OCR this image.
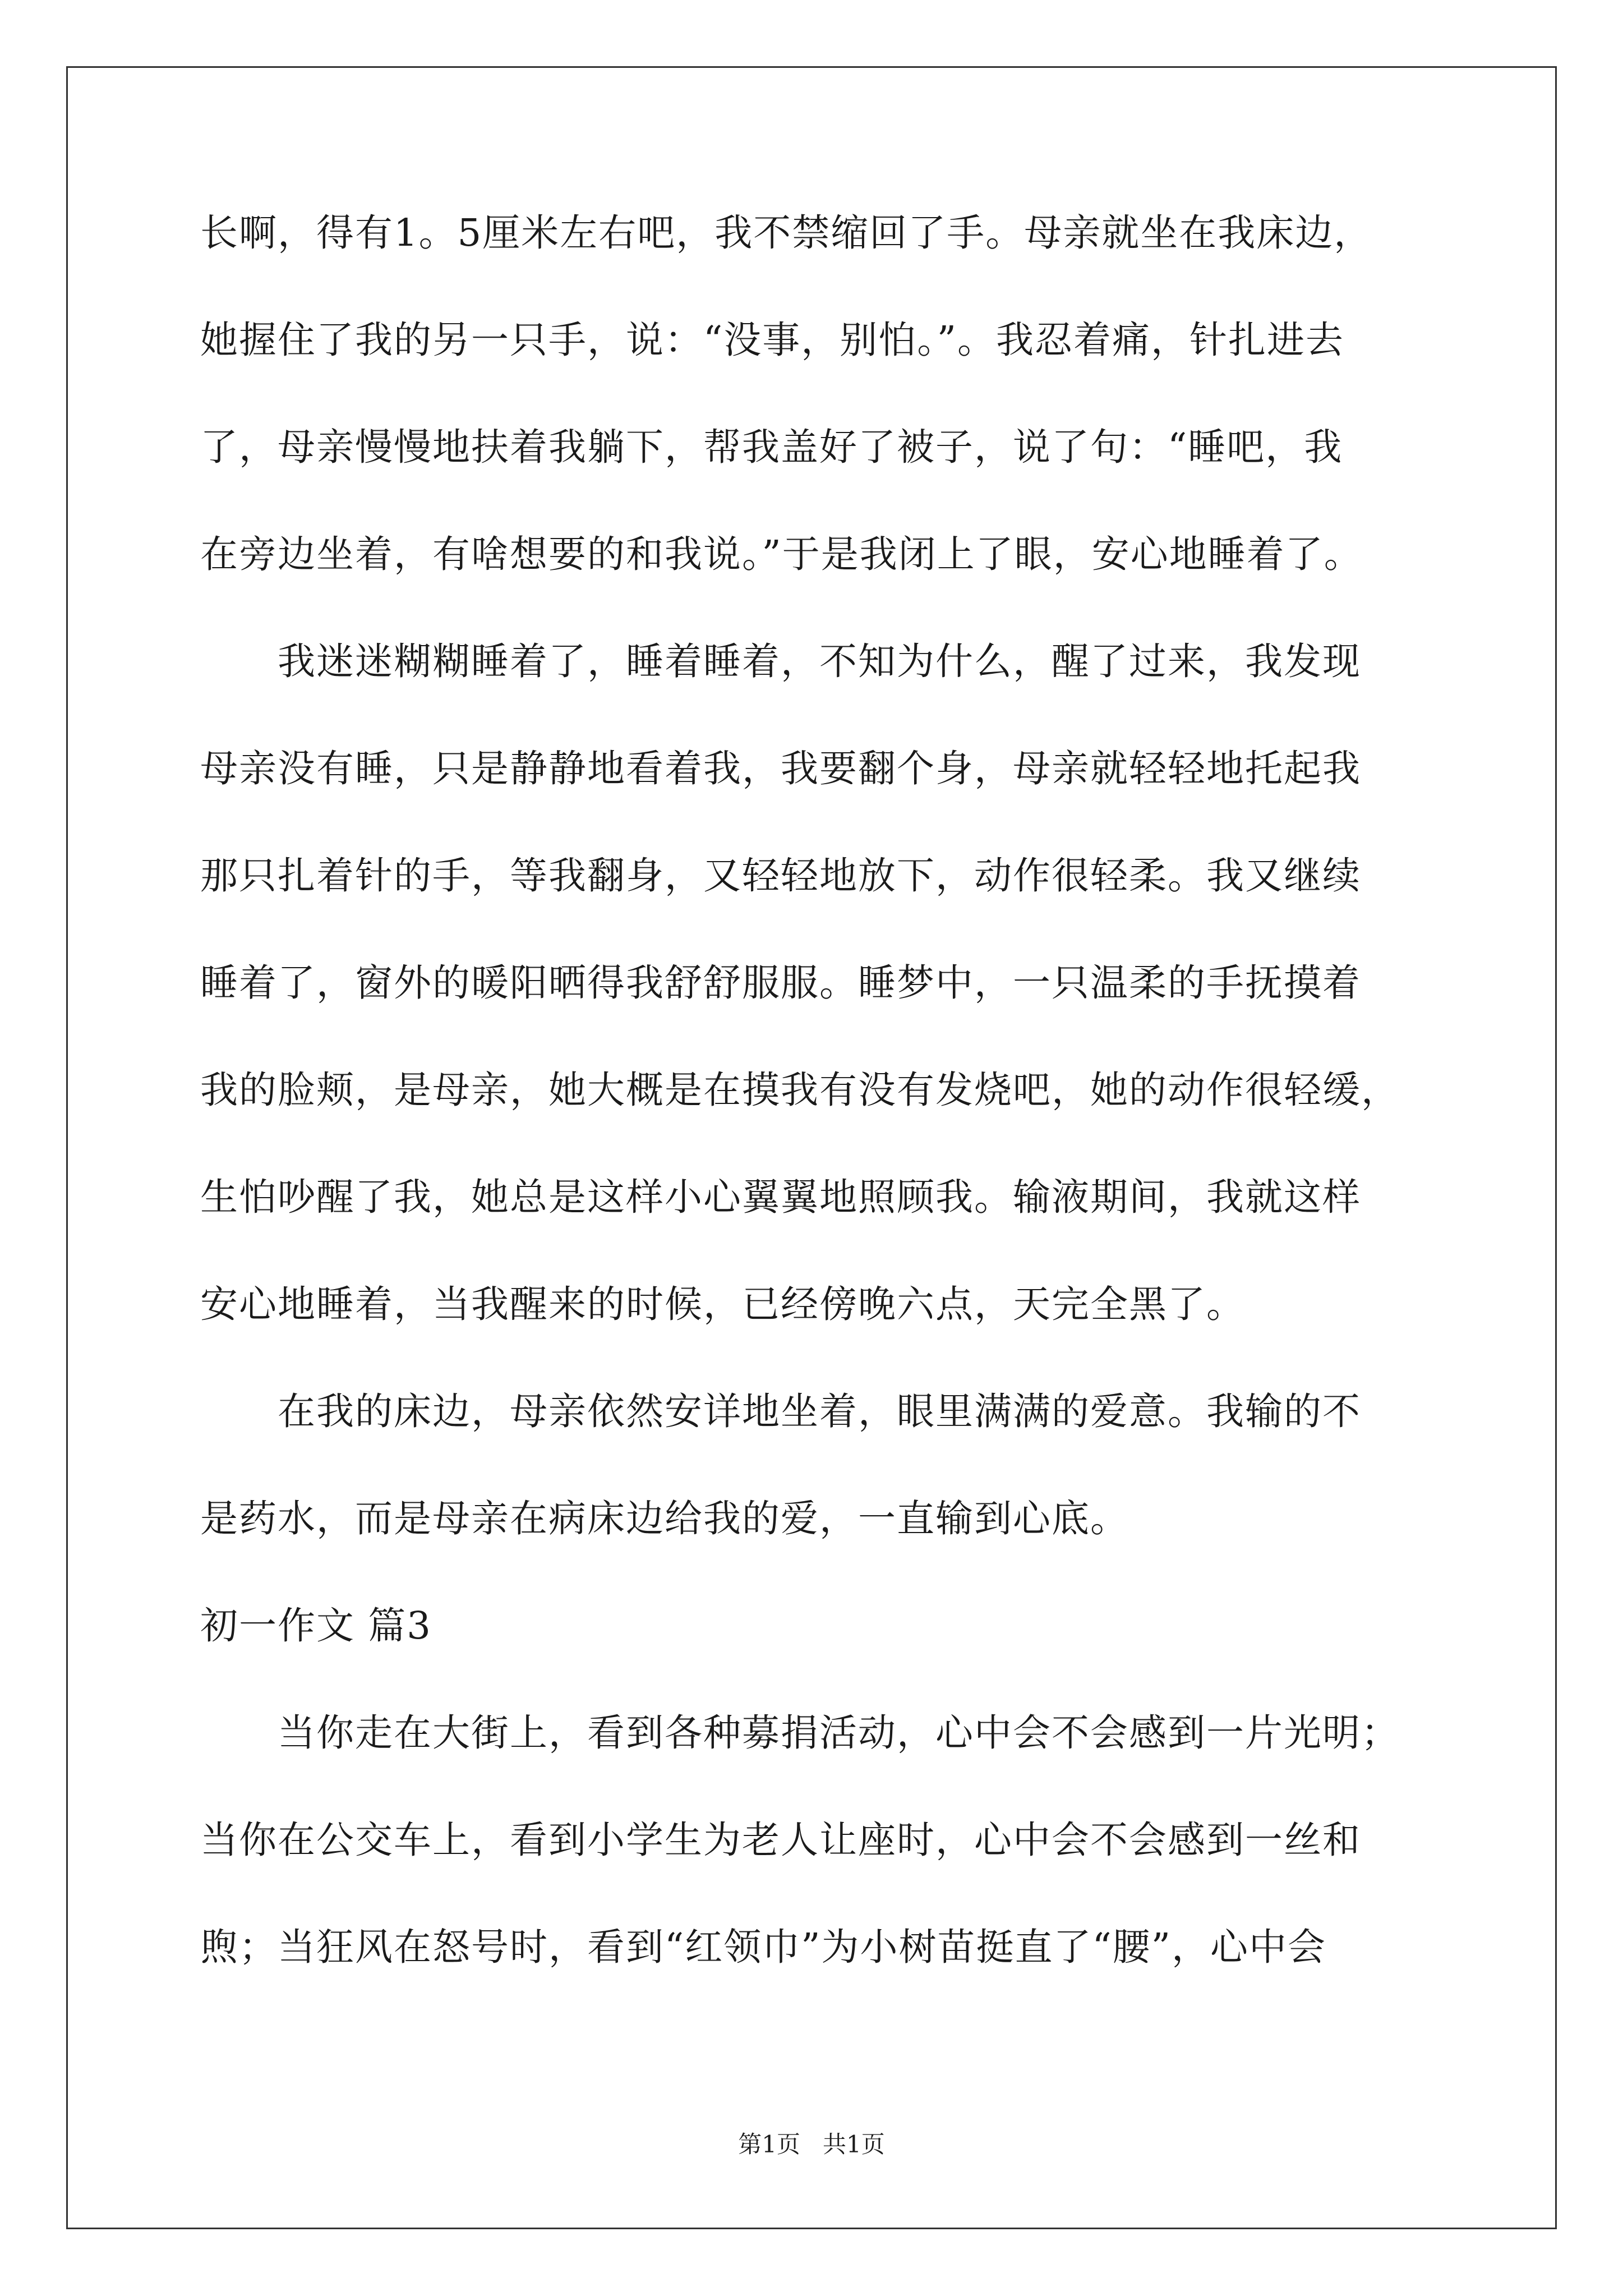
长啊，得有1。5厘米左右吧，我不禁缩回了手。母亲就坐在我床边，
她握住了我的另一只手，说：“没事，别怕。”。我忍着痛，针扎进去
了，母亲慢慢地扶着我躺下，帮我盖好了被子，说了句：“睡吧，我
在旁边坐着，有啥想要的和我说。”于是我闭上了眼，安心地睡着了。
　　我迷迷糊糊睡着了，睡着睡着，不知为什么，醒了过来，我发现
母亲没有睡，只是静静地看着我，我要翻个身，母亲就轻轻地托起我
那只扎着针的手，等我翻身，又轻轻地放下，动作很轻柔。我又继续
睡着了，窗外的暖阳晒得我舒舒服服。睡梦中，一只温柔的手抚摸着
我的脸颊，是母亲，她大概是在摸我有没有发烧吧，她的动作很轻缓，
生怕吵醒了我，她总是这样小心翼翼地照顾我。输液期间，我就这样
安心地睡着，当我醒来的时候，已经傍晚六点，天完全黑了。
　　在我的床边，母亲依然安详地坐着，眼里满满的爱意。我输的不
是药水，而是母亲在病床边给我的爱，一直输到心底。
初一作文 篇3
　　当你走在大街上，看到各种募捐活动，心中会不会感到一片光明；
当你在公交车上，看到小学生为老人让座时，心中会不会感到一丝和
煦；当狂风在怒号时，看到“红领巾”为小树苗挺直了“腰”，心中会
第1页   共1页
